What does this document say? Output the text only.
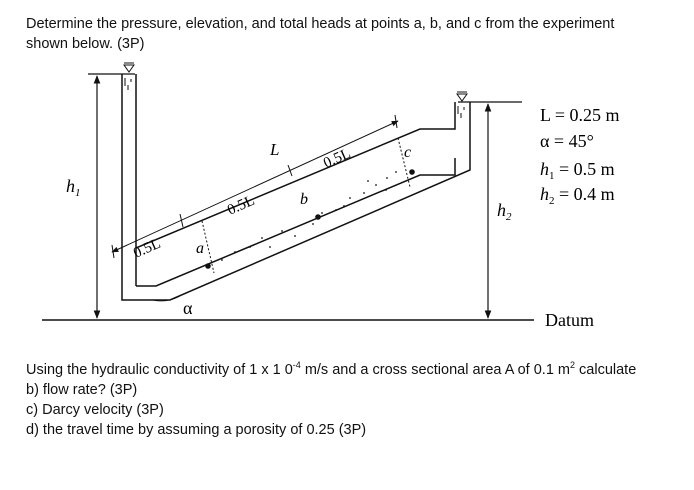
Determine the pressure, elevation, and total heads at points a, b, and c from the experiment
shown below. (3P)

$h_1$
$h_2$
L
0.5L
0.5L
0.5L
a
b
c
α
Datum
L = 0.25 m
α = 45°
$h_1 = 0.5$ m
$h_2 = 0.4$ m

Using the hydraulic conductivity of 1 x 1 $0^{-4}$ m/s and a cross sectional area A of 0.1 $m^2$ calculate
b) flow rate? (3P)
c) Darcy velocity (3P)
d) the travel time by assuming a porosity of 0.25 (3P)
